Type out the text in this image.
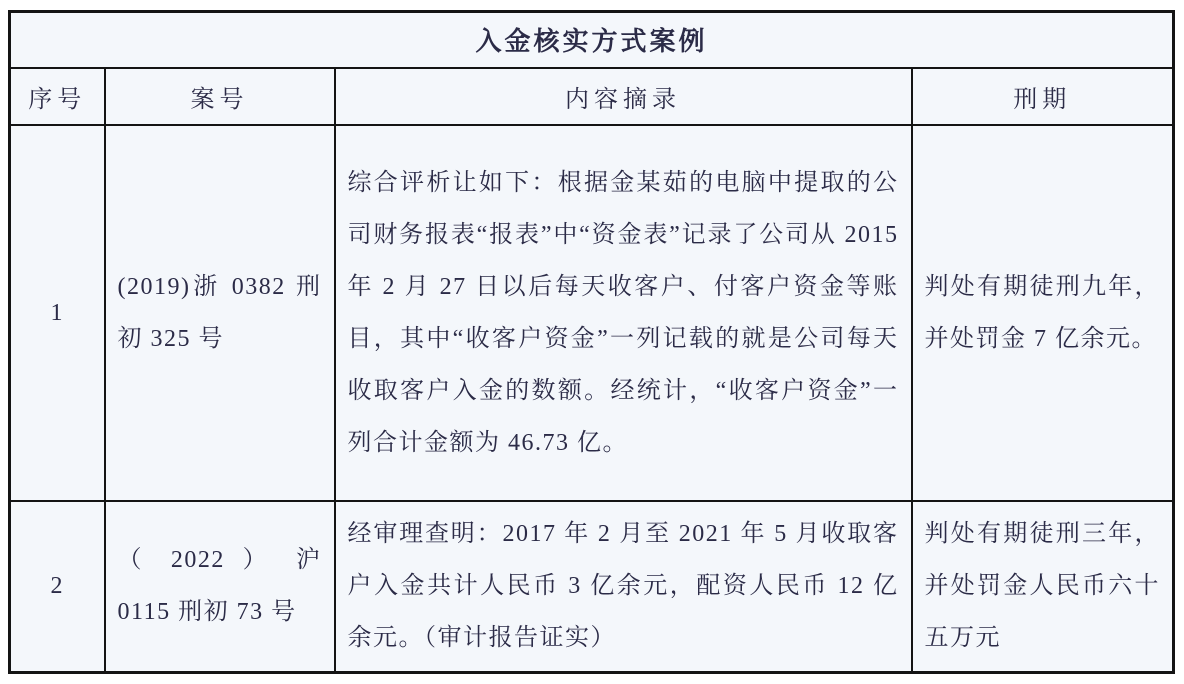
入金核实方式案例			
序号	案号	内容摘录	刑期
1	(2019)浙 0382 刑初 325 号	综合评析让如下：根据金某茹的电脑中提取的公司财务报表“报表”中“资金表”记录了公司从 2015 年 2 月 27 日以后每天收客户、付客户资金等账目，其中“收客户资金”一列记载的就是公司每天收取客户入金的数额。经统计，“收客户资金”一列合计金额为 46.73 亿。	判处有期徒刑九年，并处罚金 7 亿余元。
2	（ 2022 ） 沪 0115 刑初 73 号	经审理查明：2017 年 2 月至 2021 年 5 月收取客户入金共计人民币 3 亿余元，配资人民币 12 亿余元。（审计报告证实）	判处有期徒刑三年，并处罚金人民币六十五万元
